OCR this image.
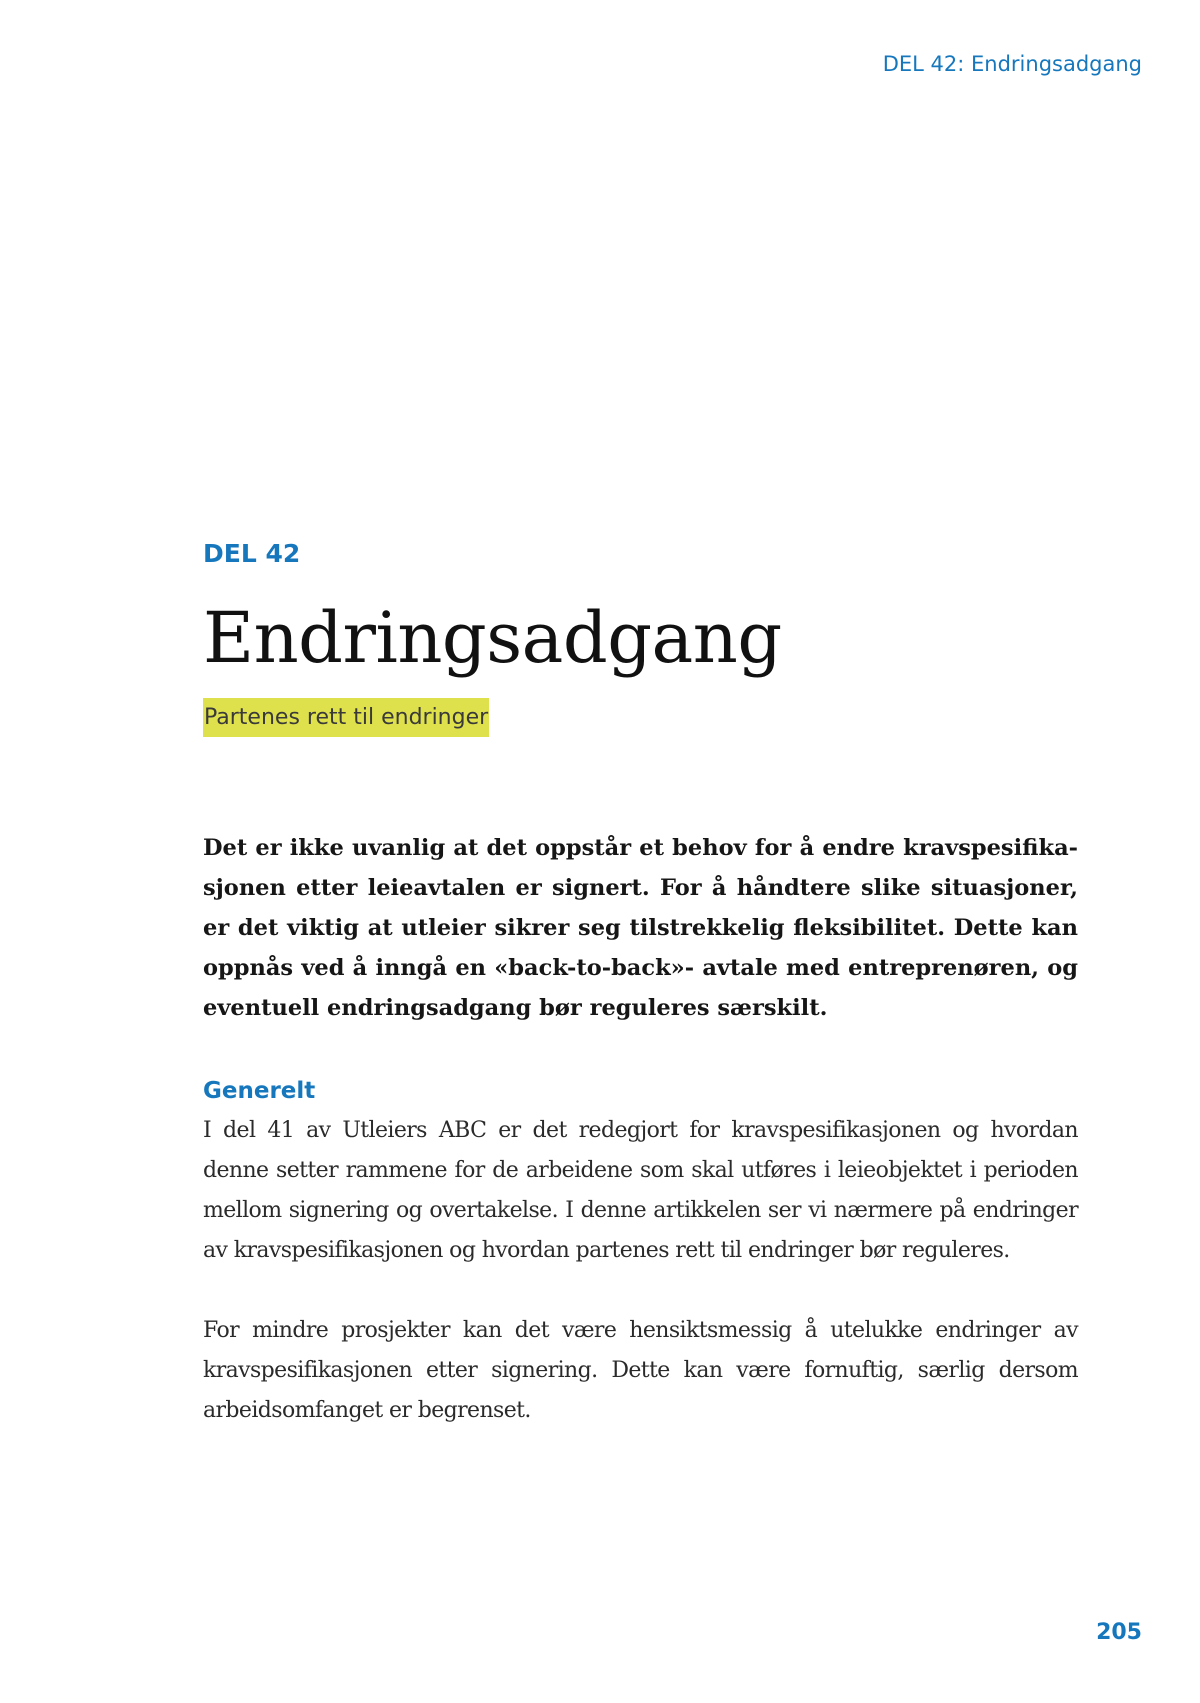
DEL 42: Endringsadgang
DEL 42
Endringsadgang
Partenes rett til endringer

Det er ikke uvanlig at det oppstår et behov for å endre kravspesifikasjonen etter leieavtalen er signert. For å håndtere slike situasjoner, er det viktig at utleier sikrer seg tilstrekkelig fleksibilitet. Dette kan oppnås ved å inngå en «back-to-back»- avtale med entreprenøren, og eventuell endringsadgang bør reguleres særskilt.

Generelt

I del 41 av Utleiers ABC er det redegjort for kravspesifikasjonen og hvordan denne setter rammene for de arbeidene som skal utføres i leieobjektet i perioden mellom signering og overtakelse. I denne artikkelen ser vi nærmere på endringer av kravspesifikasjonen og hvordan partenes rett til endringer bør reguleres.

For mindre prosjekter kan det være hensiktsmessig å utelukke endringer av kravspesifikasjonen etter signering. Dette kan være fornuftig, særlig dersom arbeidsomfanget er begrenset.

205
